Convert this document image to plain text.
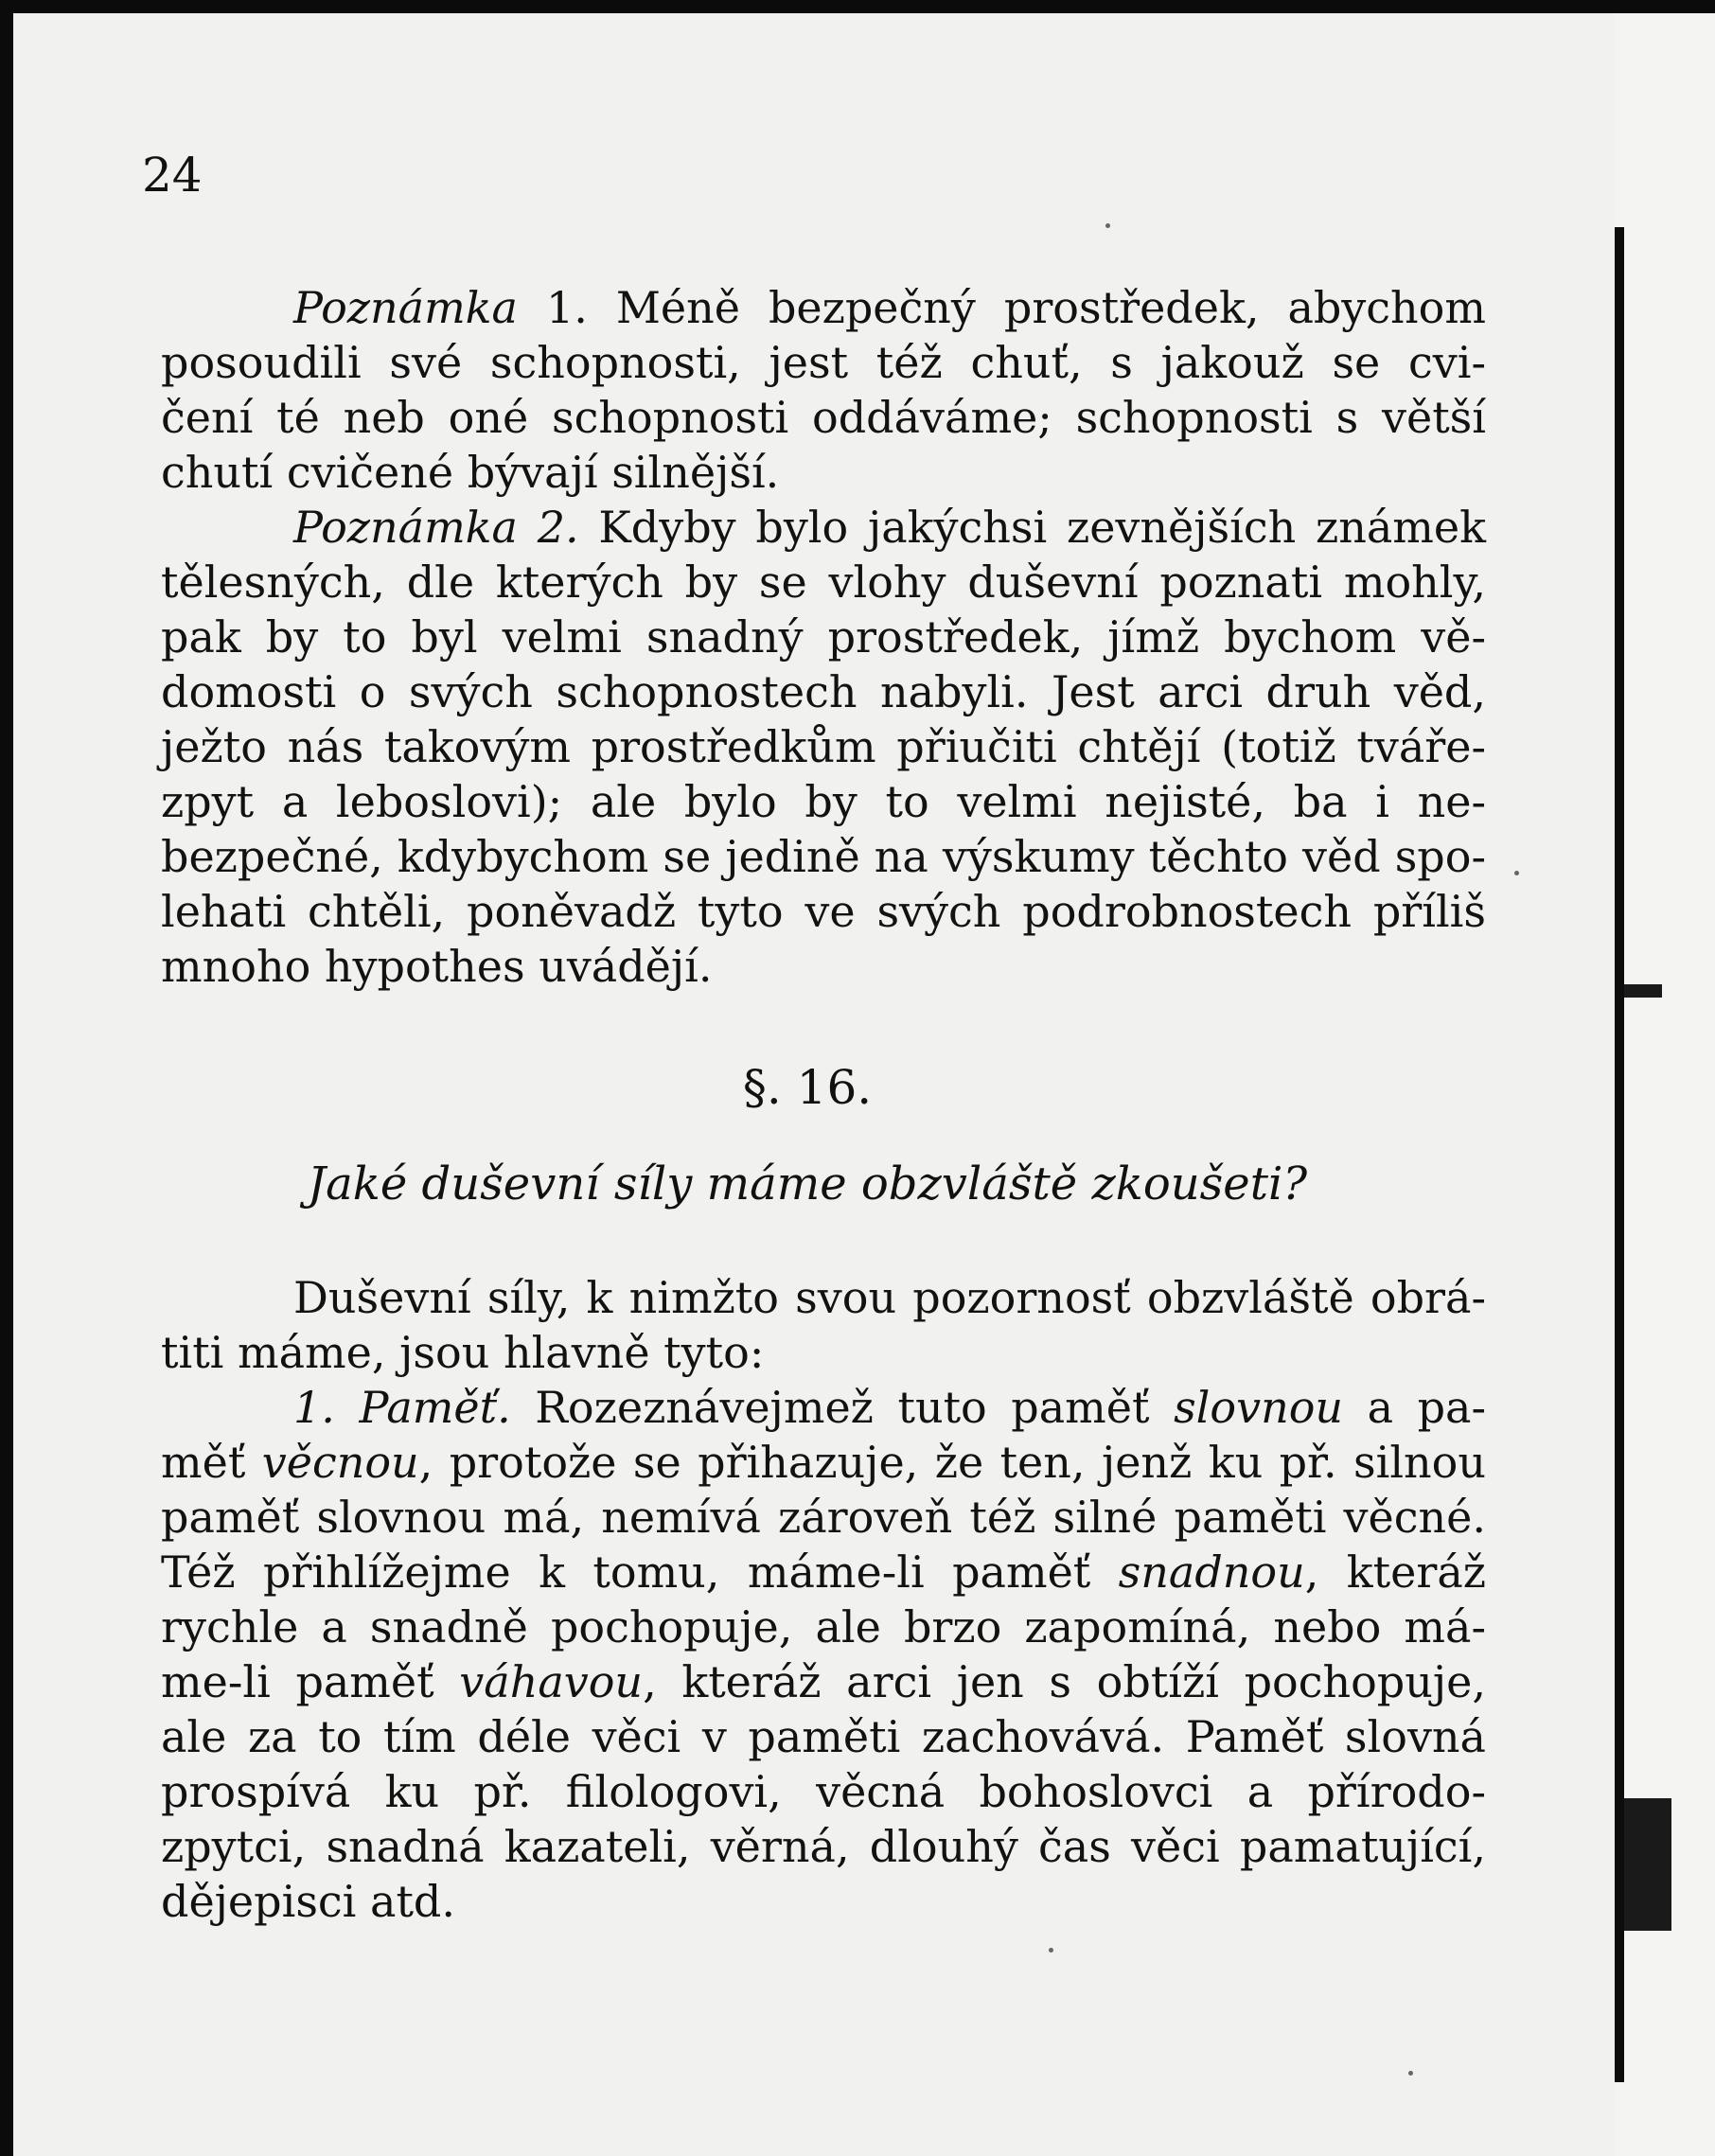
24
Poznámka 1. Méně bezpečný prostředek, abychom
posoudili své schopnosti, jest též chuť, s jakouž se cvi-
čení té neb oné schopnosti oddáváme; schopnosti s větší
chutí cvičené bývají silnější.
Poznámka 2. Kdyby bylo jakýchsi zevnějších známek
tělesných, dle kterých by se vlohy duševní poznati mohly,
pak by to byl velmi snadný prostředek, jímž bychom vě-
domosti o svých schopnostech nabyli. Jest arci druh věd,
ježto nás takovým prostředkům přiučiti chtějí (totiž tváře-
zpyt a leboslovi); ale bylo by to velmi nejisté, ba i ne-
bezpečné, kdybychom se jedině na výskumy těchto věd spo-
lehati chtěli, poněvadž tyto ve svých podrobnostech příliš
mnoho hypothes uvádějí.
§. 16.
Jaké duševní síly máme obzvláště zkoušeti?
Duševní síly, k nimžto svou pozornosť obzvláště obrá-
titi máme, jsou hlavně tyto:
1. Paměť. Rozeznávejmež tuto paměť slovnou a pa-
měť věcnou, protože se přihazuje, že ten, jenž ku př. silnou
paměť slovnou má, nemívá zároveň též silné paměti věcné.
Též přihlížejme k tomu, máme-li paměť snadnou, kteráž
rychle a snadně pochopuje, ale brzo zapomíná, nebo má-
me-li paměť váhavou, kteráž arci jen s obtíží pochopuje,
ale za to tím déle věci v paměti zachovává. Paměť slovná
prospívá ku př. filologovi, věcná bohoslovci a přírodo-
zpytci, snadná kazateli, věrná, dlouhý čas věci pamatující,
dějepisci atd.
